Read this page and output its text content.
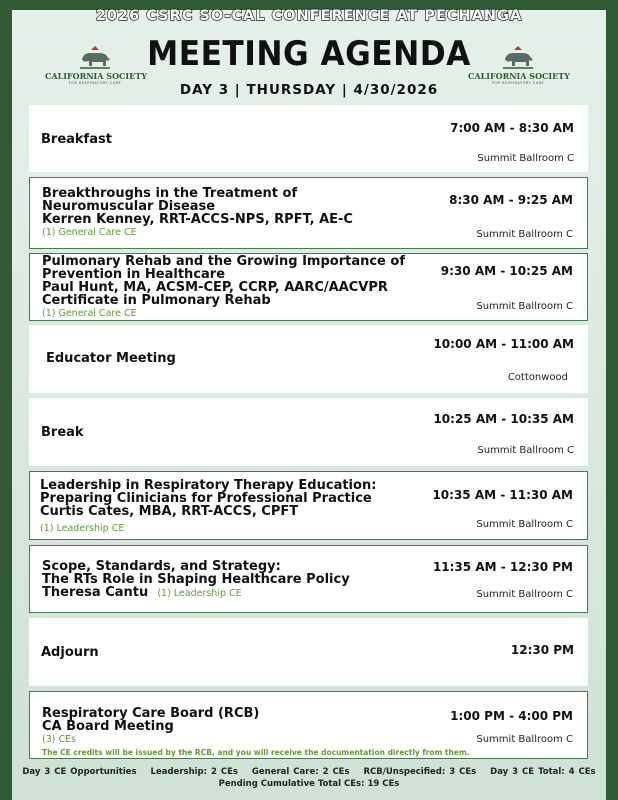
2026 CSRC SO-CAL CONFERENCE AT PECHANGA
CALIFORNIA SOCIETY
FOR RESPIRATORY CARE
CALIFORNIA SOCIETY
FOR RESPIRATORY CARE
MEETING AGENDA
DAY 3 | THURSDAY | 4/30/2026
Breakfast
7:00 AM - 8:30 AM
Summit Ballroom C
Breakthroughs in the Treatment of
Neuromuscular Disease
Kerren Kenney, RRT-ACCS-NPS, RPFT, AE-C
(1) General Care CE
8:30 AM - 9:25 AM
Summit Ballroom C
Pulmonary Rehab and the Growing Importance of
Prevention in Healthcare
Paul Hunt, MA, ACSM-CEP, CCRP, AARC/AACVPR
Certificate in Pulmonary Rehab
(1) General Care CE
9:30 AM - 10:25 AM
Summit Ballroom C
Educator Meeting
10:00 AM - 11:00 AM
Cottonwood
Break
10:25 AM - 10:35 AM
Summit Ballroom C
Leadership in Respiratory Therapy Education:
Preparing Clinicians for Professional Practice
Curtis Cates, MBA, RRT-ACCS, CPFT
(1) Leadership CE
10:35 AM - 11:30 AM
Summit Ballroom C
Scope, Standards, and Strategy:
The RTs Role in Shaping Healthcare Policy
Theresa Cantu (1) Leadership CE
11:35 AM - 12:30 PM
Summit Ballroom C
Adjourn	12:30 PM
Respiratory Care Board (RCB)
CA Board Meeting
(3) CEs
The CE credits will be issued by the RCB, and you will receive the documentation directly from them.
1:00 PM - 4:00 PM
Summit Ballroom C
Day 3 CE Opportunities Leadership: 2 CEs General Care: 2 CEs RCB/Unspecified: 3 CEs Day 3 CE Total: 4 CEs
Pending Cumulative Total CEs: 19 CEs
